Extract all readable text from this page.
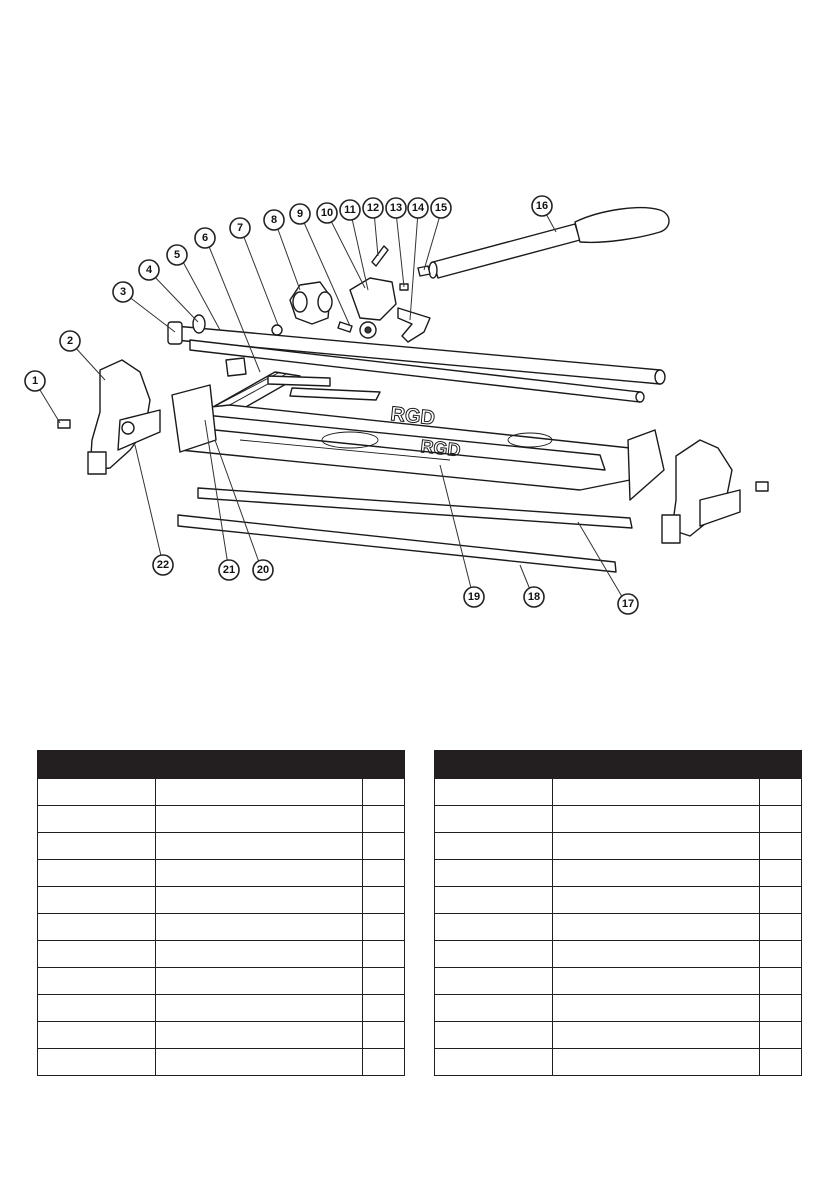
RGD
RGD
1
2
3
4
5
6
7
8 9 10 11 12 13 14 15	16
17
18
19
20
21
22
